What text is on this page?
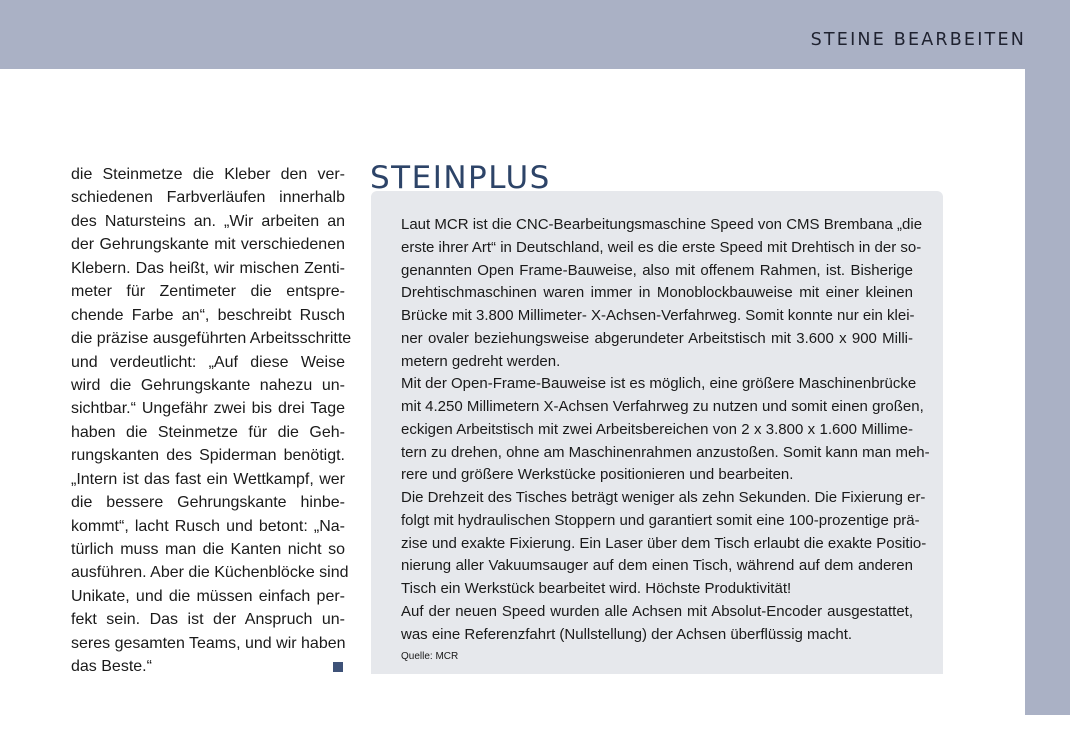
STEINE BEARBEITEN
die Steinmetze die Kleber den ver-
schiedenen Farbverläufen innerhalb
des Natursteins an. „Wir arbeiten an
der Gehrungskante mit verschiedenen
Klebern. Das heißt, wir mischen Zenti-
meter für Zentimeter die entspre-
chende Farbe an“, beschreibt Rusch
die präzise ausgeführten Arbeitsschritte
und verdeutlicht: „Auf diese Weise
wird die Gehrungskante nahezu un-
sichtbar.“ Ungefähr zwei bis drei Tage
haben die Steinmetze für die Geh-
rungskanten des Spiderman benötigt.
„Intern ist das fast ein Wettkampf, wer
die bessere Gehrungskante hinbe-
kommt“, lacht Rusch und betont: „Na-
türlich muss man die Kanten nicht so
ausführen. Aber die Küchenblöcke sind
Unikate, und die müssen einfach per-
fekt sein. Das ist der Anspruch un-
seres gesamten Teams, und wir haben
das Beste.“
STEINPLUS
Laut MCR ist die CNC-Bearbeitungsmaschine Speed von CMS Brembana „die
erste ihrer Art“ in Deutschland, weil es die erste Speed mit Drehtisch in der so-
genannten Open Frame-Bauweise, also mit offenem Rahmen, ist. Bisherige
Drehtischmaschinen waren immer in Monoblockbauweise mit einer kleinen
Brücke mit 3.800 Millimeter- X-Achsen-Verfahrweg. Somit konnte nur ein klei-
ner ovaler beziehungsweise abgerundeter Arbeitstisch mit 3.600 x 900 Milli-
metern gedreht werden.
Mit der Open-Frame-Bauweise ist es möglich, eine größere Maschinenbrücke
mit 4.250 Millimetern X-Achsen Verfahrweg zu nutzen und somit einen großen,
eckigen Arbeitstisch mit zwei Arbeitsbereichen von 2 x 3.800 x 1.600 Millime-
tern zu drehen, ohne am Maschinenrahmen anzustoßen. Somit kann man meh-
rere und größere Werkstücke positionieren und bearbeiten.
Die Drehzeit des Tisches beträgt weniger als zehn Sekunden. Die Fixierung er-
folgt mit hydraulischen Stoppern und garantiert somit eine 100-prozentige prä-
zise und exakte Fixierung. Ein Laser über dem Tisch erlaubt die exakte Positio-
nierung aller Vakuumsauger auf dem einen Tisch, während auf dem anderen
Tisch ein Werkstück bearbeitet wird. Höchste Produktivität!
Auf der neuen Speed wurden alle Achsen mit Absolut-Encoder ausgestattet,
was eine Referenzfahrt (Nullstellung) der Achsen überflüssig macht.
Quelle: MCR
